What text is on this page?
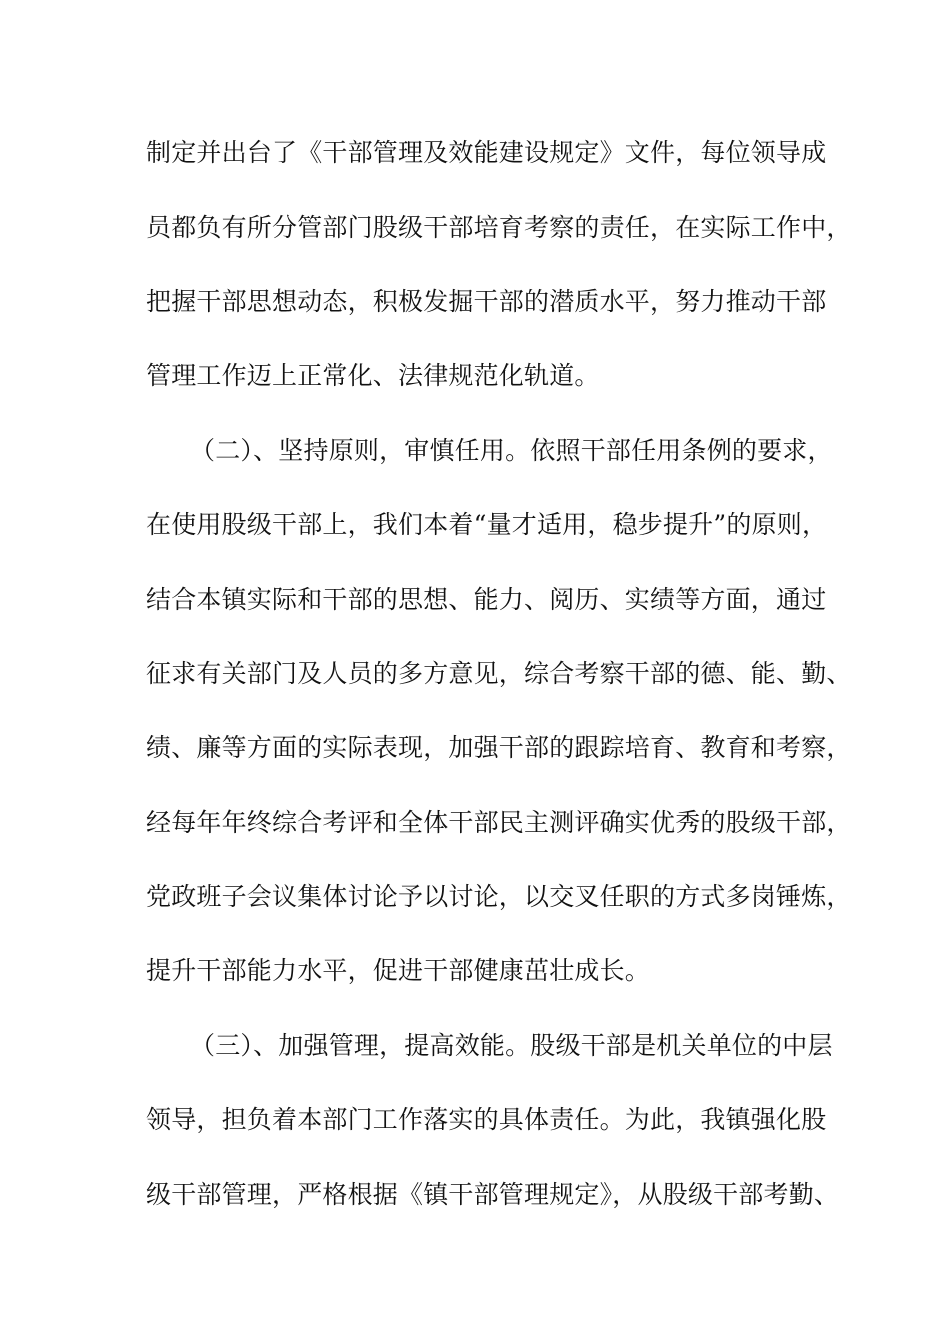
制定并出台了《干部管理及效能建设规定》文件，每位领导成
员都负有所分管部门股级干部培育考察的责任，在实际工作中，
把握干部思想动态，积极发掘干部的潜质水平，努力推动干部
管理工作迈上正常化、法律规范化轨道。
（二）、坚持原则，审慎任用。依照干部任用条例的要求，
在使用股级干部上，我们本着“量才适用，稳步提升”的原则，
结合本镇实际和干部的思想、能力、阅历、实绩等方面，通过
征求有关部门及人员的多方意见，综合考察干部的德、能、勤、
绩、廉等方面的实际表现，加强干部的跟踪培育、教育和考察，
经每年年终综合考评和全体干部民主测评确实优秀的股级干部，
党政班子会议集体讨论予以讨论，以交叉任职的方式多岗锤炼，
提升干部能力水平，促进干部健康茁壮成长。
（三）、加强管理，提高效能。股级干部是机关单位的中层
领导，担负着本部门工作落实的具体责任。为此，我镇强化股
级干部管理，严格根据《镇干部管理规定》，从股级干部考勤、
